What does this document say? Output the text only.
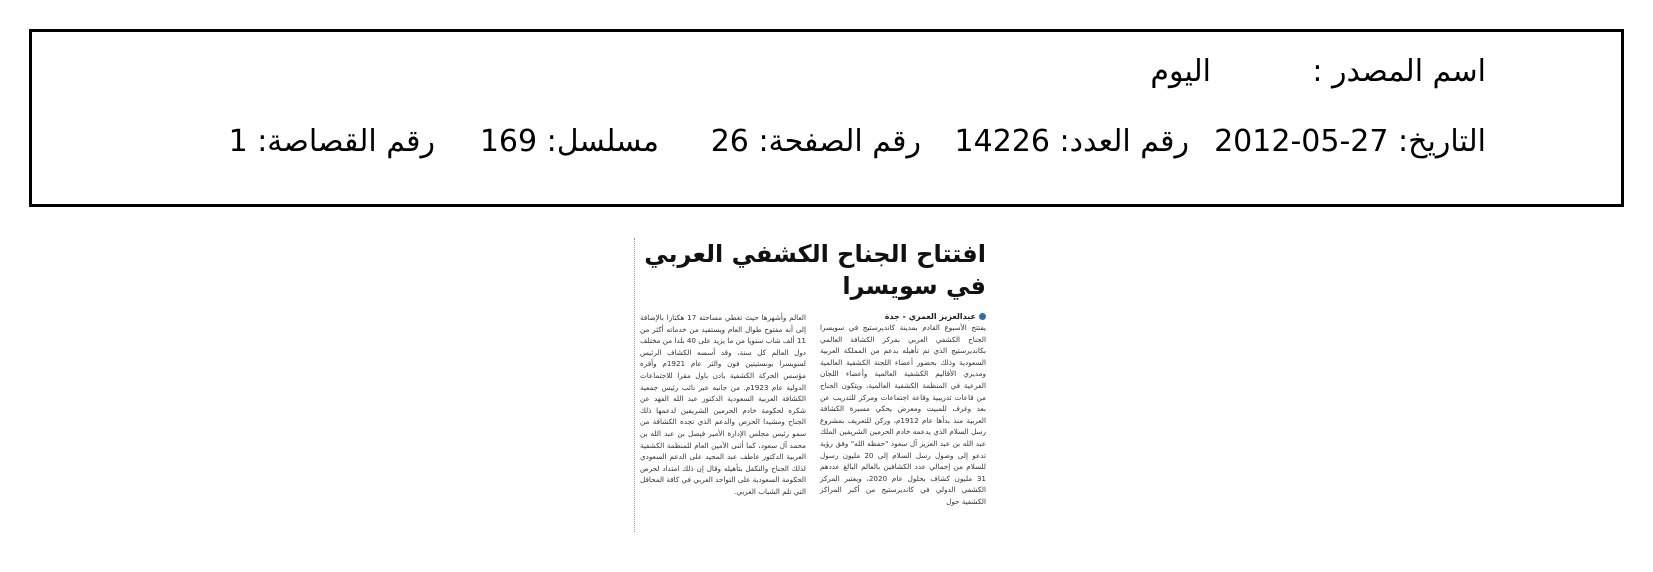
اسم المصدر :
اليوم
التاريخ: 27-05-2012
رقم العدد: 14226
رقم الصفحة: 26
مسلسل: 169
رقم القصاصة: 1
افتتاح الجناح الكشفي العربي
في سويسرا
عبدالعزيز العمري - جدة
يفتتح الأسبوع القادم بمدينة كانديرستيج في سويسرا الجناح الكشفي العربي بمركز الكشافة العالمي بكانديرستيج الذي تم تأهيله بدعم من المملكة العربية السعودية وذلك بحضور أعضاء اللجنة الكشفية العالمية ومديري الأقاليم الكشفية العالمية وأعضاء اللجان الفرعية في المنظمة الكشفية العالمية، ويتكون الجناح من قاعات تدريبية وقاعة اجتماعات ومركز للتدريب عن بعد وغرف للمبيت ومعرض يحكي مسيرة الكشافة العربية منذ بدأها عام 1912م، وركن للتعريف بمشروع رسل السلام الذي يدعمه خادم الحرمين الشريفين الملك عبد الله بن عبد العزيز آل سعود "حفظه الله" وفق رؤية تدعو إلى وصول رسل السلام إلى 20 مليون رسول للسلام من إجمالي عدد الكشافين بالعالم البالغ عددهم 31 مليون كشاف بحلول عام 2020، ويعتبر المركز الكشفي الدولي في كانديرستيج من أكبر المراكز الكشفية حول
العالم وأشهرها حيث تغطي مساحته 17 هكتارا بالإضافة إلى أنه مفتوح طوال العام ويستفيد من خدماته أكثر من 11 ألف شاب سنويا من ما يزيد على 40 بلدا من مختلف دول العالم كل سنة، وقد أسسه الكشاف الرئيس لسويسرا بونستيتين فون والثر عام 1921م وأقره مؤسس الحركة الكشفية بادن باول مقرا للاجتماعات الدولية عام 1923م. من جانبه عبر نائب رئيس جمعية الكشافة العربية السعودية الدكتور عبد الله الفهد عن شكره لحكومة خادم الحرمين الشريفين لدعمها ذلك الجناح ومشيدا الحرص والدعم الذي تجده الكشافة من سمو رئيس مجلس الإدارة الأمير فيصل بن عبد الله بن محمد آل سعود، كما أثنى الأمين العام للمنظمة الكشفية العربية الدكتور عاطف عبد المجيد على الدعم السعودي لذلك الجناح والتكفل بتأهيله وقال إن ذلك امتداد لحرص الحكومة السعودية على التواجد العربي في كافة المحافل التي تلم الشباب العربي.
